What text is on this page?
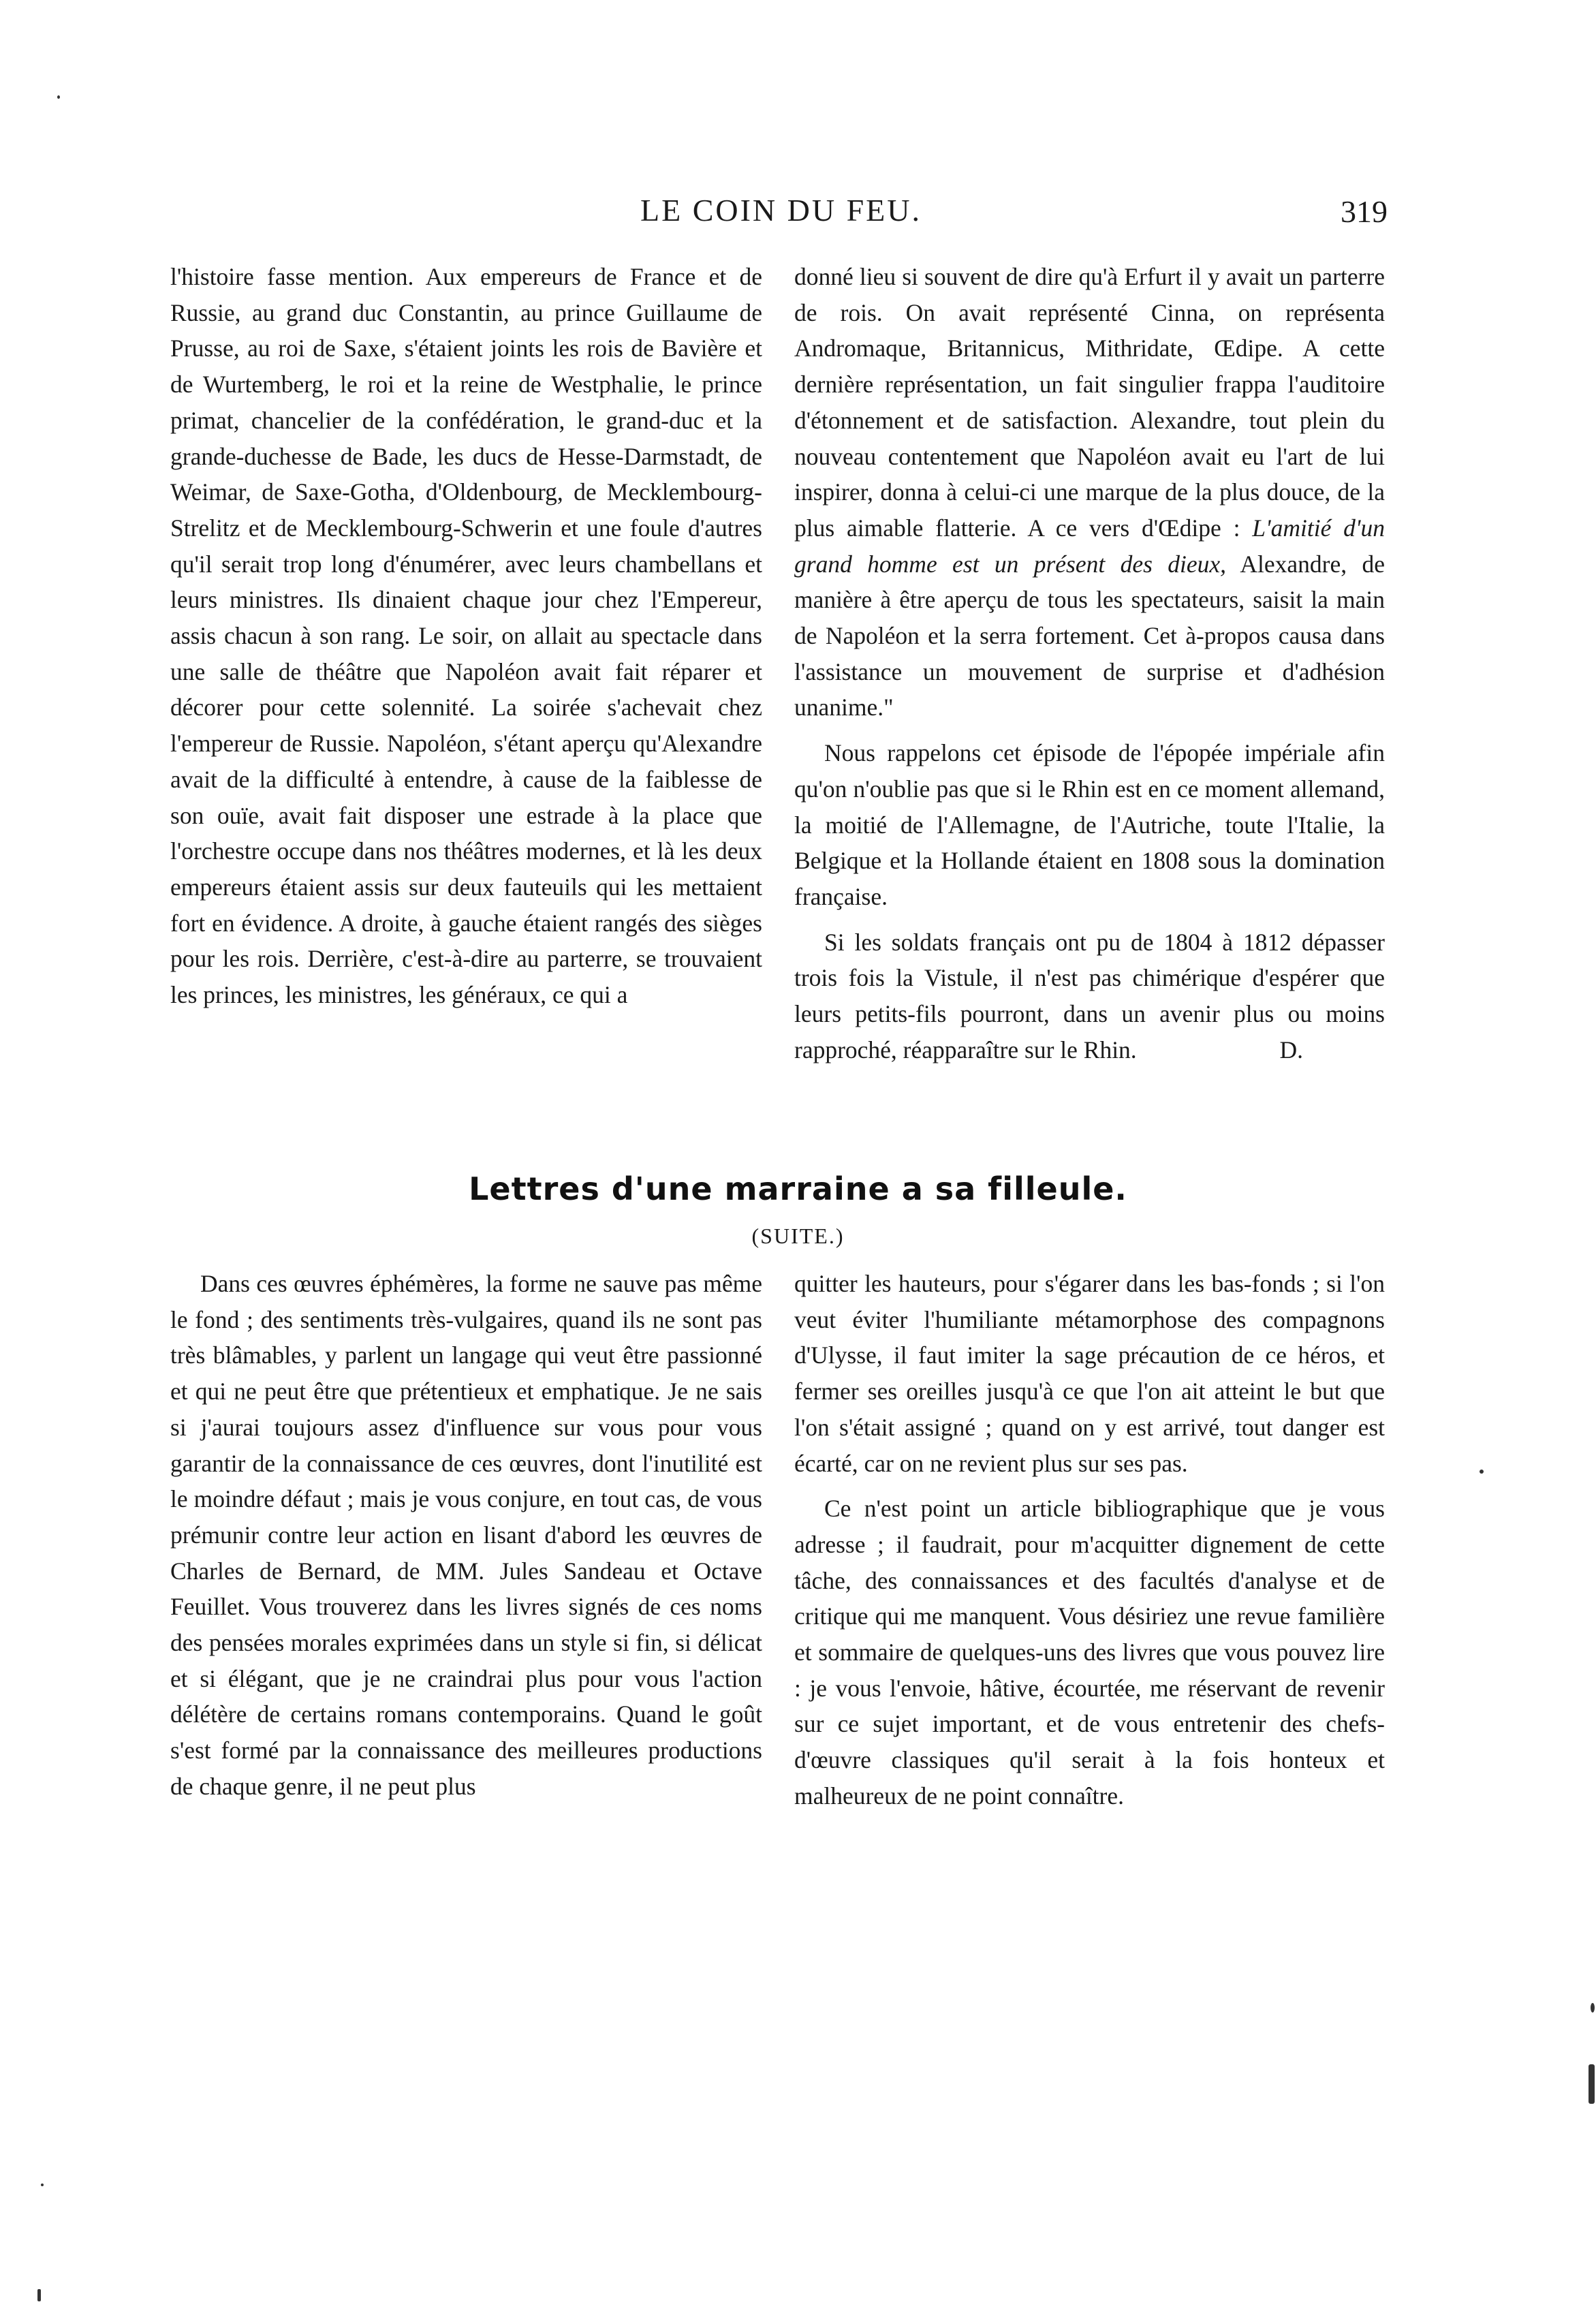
LE COIN DU FEU.	319

l'histoire fasse mention. Aux empereurs de France et de Russie, au grand duc Constantin, au prince Guillaume de Prusse, au roi de Saxe, s'étaient joints les rois de Bavière et de Wurtemberg, le roi et la reine de Westphalie, le prince primat, chancelier de la confédération, le grand-duc et la grande-duchesse de Bade, les ducs de Hesse-Darmstadt, de Weimar, de Saxe-Gotha, d'Oldenbourg, de Mecklembourg-Strelitz et de Mecklembourg-Schwerin et une foule d'autres qu'il serait trop long d'énumérer, avec leurs chambellans et leurs ministres. Ils dinaient chaque jour chez l'Empereur, assis chacun à son rang. Le soir, on allait au spectacle dans une salle de théâtre que Napoléon avait fait réparer et décorer pour cette solennité. La soirée s'achevait chez l'empereur de Russie. Napoléon, s'étant aperçu qu'Alexandre avait de la difficulté à entendre, à cause de la faiblesse de son ouïe, avait fait disposer une estrade à la place que l'orchestre occupe dans nos théâtres modernes, et là les deux empereurs étaient assis sur deux fauteuils qui les mettaient fort en évidence. A droite, à gauche étaient rangés des sièges pour les rois. Derrière, c'est-à-dire au parterre, se trouvaient les princes, les ministres, les généraux, ce qui a

donné lieu si souvent de dire qu'à Erfurt il y avait un parterre de rois. On avait représenté Cinna, on représenta Andromaque, Britannicus, Mithridate, Œdipe. A cette dernière représentation, un fait singulier frappa l'auditoire d'étonnement et de satisfaction. Alexandre, tout plein du nouveau contentement que Napoléon avait eu l'art de lui inspirer, donna à celui-ci une marque de la plus douce, de la plus aimable flatterie. A ce vers d'Œdipe : L'amitié d'un grand homme est un présent des dieux, Alexandre, de manière à être aperçu de tous les spectateurs, saisit la main de Napoléon et la serra fortement. Cet à-propos causa dans l'assistance un mouvement de surprise et d'adhésion unanime."

Nous rappelons cet épisode de l'épopée impériale afin qu'on n'oublie pas que si le Rhin est en ce moment allemand, la moitié de l'Allemagne, de l'Autriche, toute l'Italie, la Belgique et la Hollande étaient en 1808 sous la domination française.

Si les soldats français ont pu de 1804 à 1812 dépasser trois fois la Vistule, il n'est pas chimérique d'espérer que leurs petits-fils pourront, dans un avenir plus ou moins rapproché, réapparaître sur le Rhin.	D.

Lettres d'une marraine a sa filleule.
(SUITE.)

Dans ces œuvres éphémères, la forme ne sauve pas même le fond ; des sentiments très-vulgaires, quand ils ne sont pas très blâmables, y parlent un langage qui veut être passionné et qui ne peut être que prétentieux et emphatique. Je ne sais si j'aurai toujours assez d'influence sur vous pour vous garantir de la connaissance de ces œuvres, dont l'inutilité est le moindre défaut ; mais je vous conjure, en tout cas, de vous prémunir contre leur action en lisant d'abord les œuvres de Charles de Bernard, de MM. Jules Sandeau et Octave Feuillet. Vous trouverez dans les livres signés de ces noms des pensées morales exprimées dans un style si fin, si délicat et si élégant, que je ne craindrai plus pour vous l'action délétère de certains romans contemporains. Quand le goût s'est formé par la connaissance des meilleures productions de chaque genre, il ne peut plus

quitter les hauteurs, pour s'égarer dans les bas-fonds ; si l'on veut éviter l'humiliante métamorphose des compagnons d'Ulysse, il faut imiter la sage précaution de ce héros, et fermer ses oreilles jusqu'à ce que l'on ait atteint le but que l'on s'était assigné ; quand on y est arrivé, tout danger est écarté, car on ne revient plus sur ses pas.

Ce n'est point un article bibliographique que je vous adresse ; il faudrait, pour m'acquitter dignement de cette tâche, des connaissances et des facultés d'analyse et de critique qui me manquent. Vous désiriez une revue familière et sommaire de quelques-uns des livres que vous pouvez lire : je vous l'envoie, hâtive, écourtée, me réservant de revenir sur ce sujet important, et de vous entretenir des chefs-d'œuvre classiques qu'il serait à la fois honteux et malheureux de ne point connaître.
